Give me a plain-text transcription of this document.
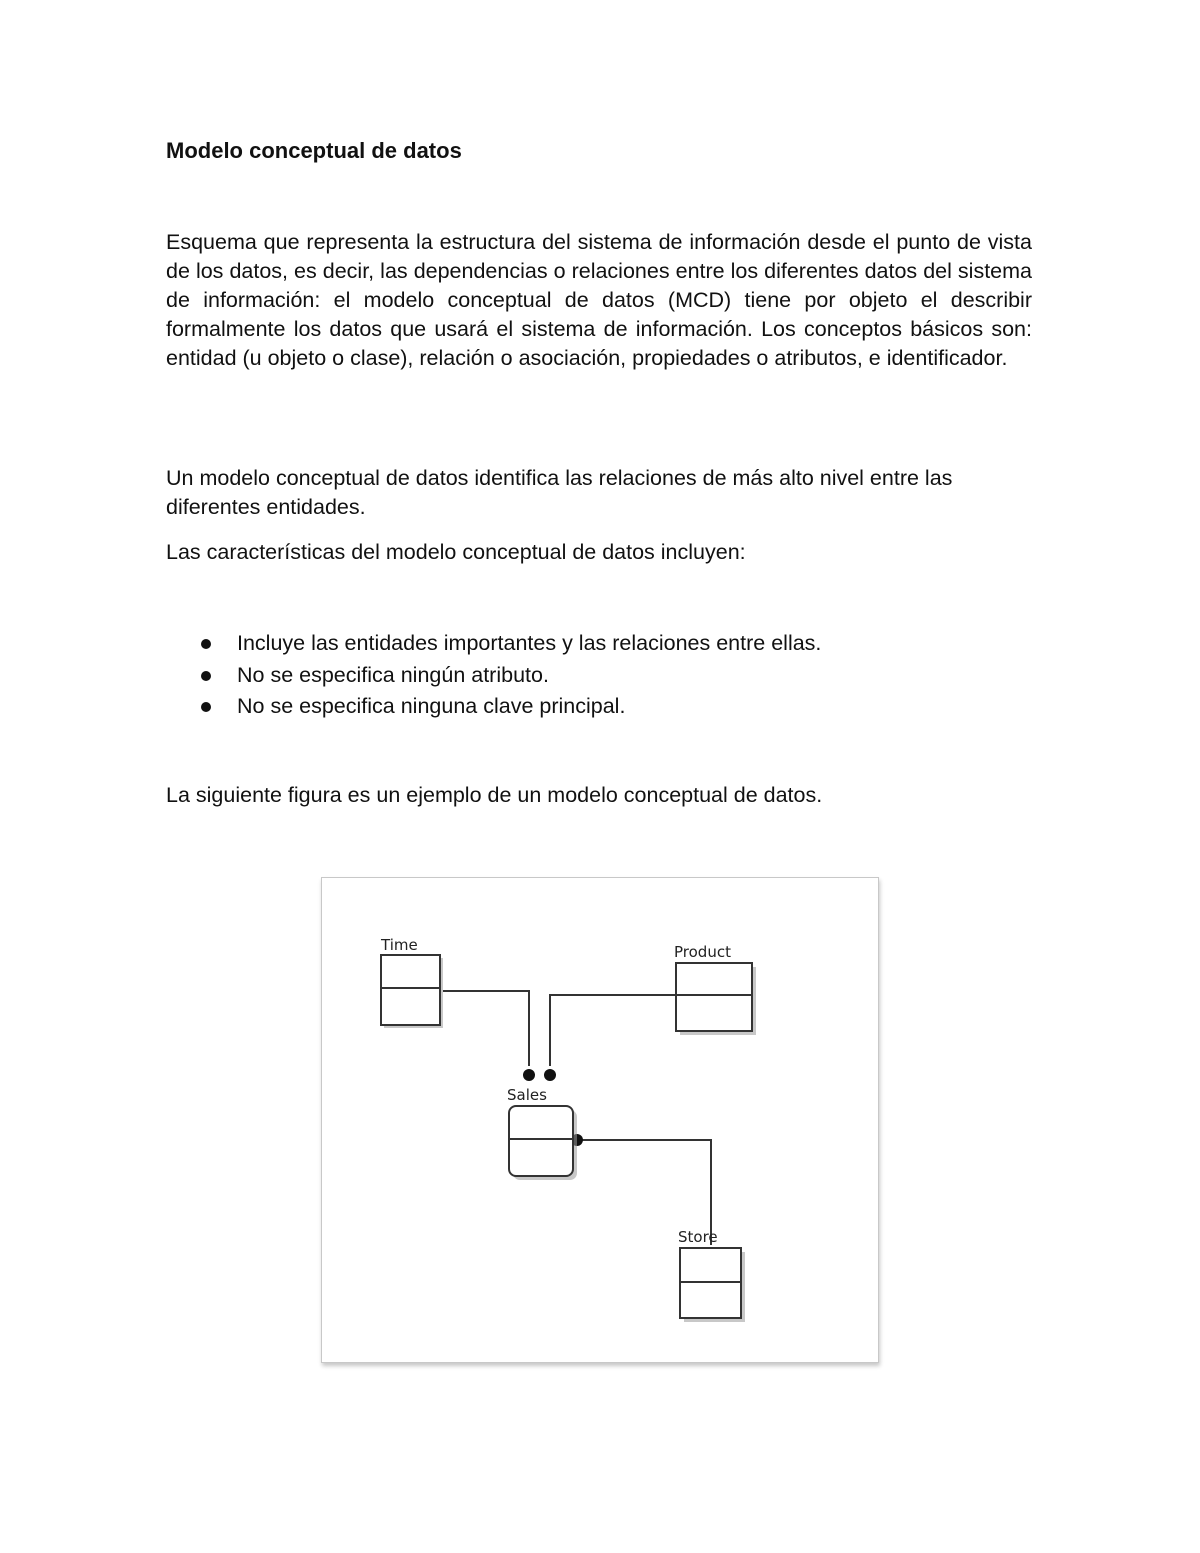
Modelo conceptual de datos

Esquema que representa la estructura del sistema de información desde el punto de vista de los datos, es decir, las dependencias o relaciones entre los diferentes datos del sistema de información: el modelo conceptual de datos (MCD) tiene por objeto el describir formalmente los datos que usará el sistema de información. Los conceptos básicos son: entidad (u objeto o clase), relación o asociación, propiedades o atributos, e identificador.

Un modelo conceptual de datos identifica las relaciones de más alto nivel entre las diferentes entidades.

Las características del modelo conceptual de datos incluyen:

Incluye las entidades importantes y las relaciones entre ellas.
No se especifica ningún atributo.
No se especifica ninguna clave principal.

La siguiente figura es un ejemplo de un modelo conceptual de datos.

Time	Product
Sales
Store
